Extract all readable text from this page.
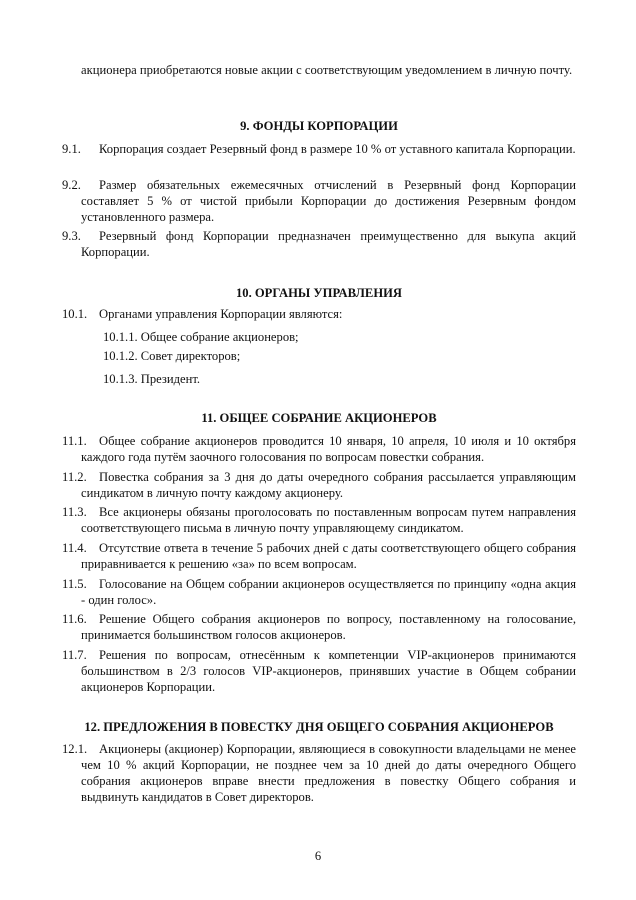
акционера приобретаются новые акции с соответствующим уведомлением в личную почту.
9. ФОНДЫ КОРПОРАЦИИ
9.1.	Корпорация создает Резервный фонд в размере 10 % от уставного капитала Корпорации.
9.2.	Размер обязательных ежемесячных отчислений в Резервный фонд Корпорации составляет 5 % от чистой прибыли Корпорации до достижения Резервным фондом установленного размера.
9.3.	Резервный фонд Корпорации предназначен преимущественно для выкупа акций Корпорации.
10. ОРГАНЫ УПРАВЛЕНИЯ
10.1. Органами управления Корпорации являются:
10.1.1. Общее собрание акционеров;
10.1.2. Совет директоров;
10.1.3. Президент.
11. ОБЩЕЕ СОБРАНИЕ АКЦИОНЕРОВ
11.1. Общее собрание акционеров проводится 10 января, 10 апреля, 10 июля и 10 октября каждого года путём заочного голосования по вопросам повестки собрания.
11.2. Повестка собрания за 3 дня до даты очередного собрания рассылается управляющим синдикатом в личную почту каждому акционеру.
11.3. Все акционеры обязаны проголосовать по поставленным вопросам путем направления соответствующего письма в личную почту управляющему синдикатом.
11.4. Отсутствие ответа в течение 5 рабочих дней с даты соответствующего общего собрания приравнивается к решению «за» по всем вопросам.
11.5. Голосование на Общем собрании акционеров осуществляется по принципу «одна акция - один голос».
11.6. Решение Общего собрания акционеров по вопросу, поставленному на голосование, принимается большинством голосов акционеров.
11.7. Решения по вопросам, отнесённым к компетенции VIP-акционеров принимаются большинством в 2/3 голосов VIP-акционеров, принявших участие в Общем собрании акционеров Корпорации.
12. ПРЕДЛОЖЕНИЯ В ПОВЕСТКУ ДНЯ ОБЩЕГО СОБРАНИЯ АКЦИОНЕРОВ
12.1. Акционеры (акционер) Корпорации, являющиеся в совокупности владельцами не менее чем 10 % акций Корпорации, не позднее чем за 10 дней до даты очередного Общего собрания акционеров вправе внести предложения в повестку Общего собрания и выдвинуть кандидатов в Совет директоров.
6
